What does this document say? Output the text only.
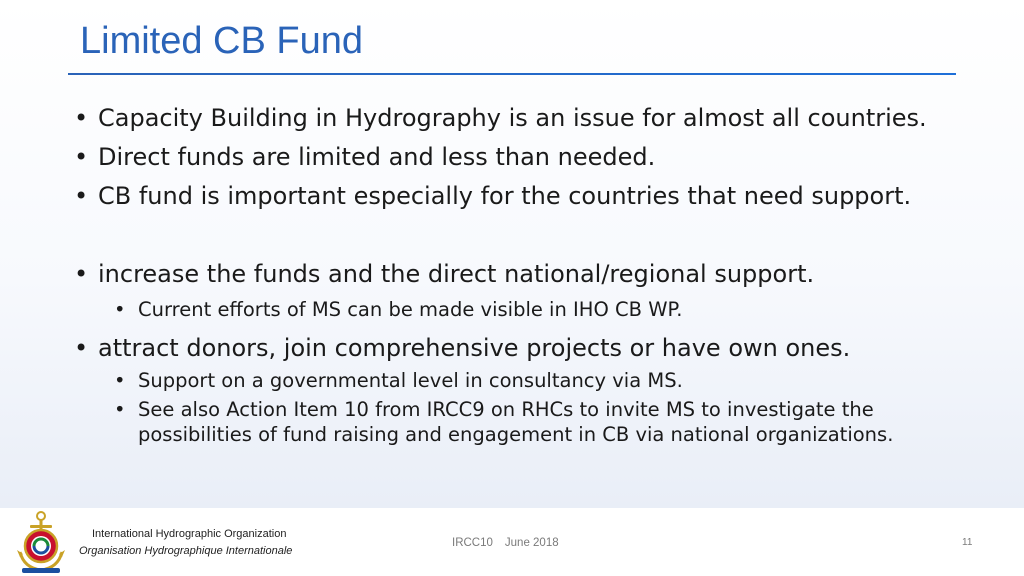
Limited CB Fund
• Capacity Building in Hydrography is an issue for almost all countries.
• Direct funds are limited and less than needed.
• CB fund is important especially for the countries that need support.
• increase the funds and the direct national/regional support.
• Current efforts of MS can be made visible in IHO CB WP.
• attract donors, join comprehensive projects or have own ones.
• Support on a governmental level in consultancy via MS.
• See also Action Item 10 from IRCC9 on RHCs to invite MS to investigate the
possibilities of fund raising and engagement in CB via national organizations.
International Hydrographic Organization
Organisation Hydrographique Internationale
IRCC10 June 2018	11
